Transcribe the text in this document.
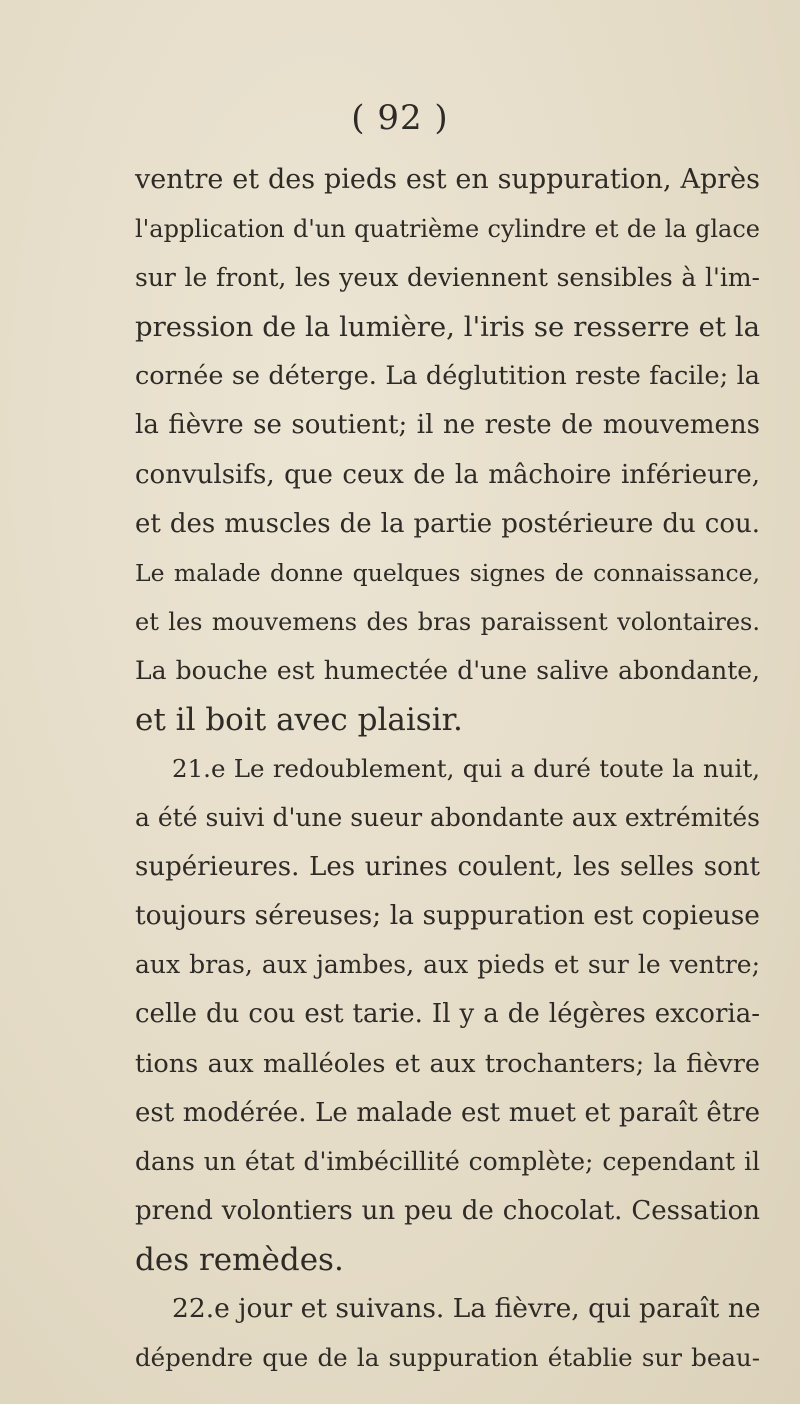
( 92 )
ventre et des pieds est en suppuration, Après
l'application d'un quatrième cylindre et de la glace
sur le front, les yeux deviennent sensibles à l'im-
pression de la lumière, l'iris se resserre et la
cornée se déterge. La déglutition reste facile; la
la fièvre se soutient; il ne reste de mouvemens
convulsifs, que ceux de la mâchoire inférieure,
et des muscles de la partie postérieure du cou.
Le malade donne quelques signes de connaissance,
et les mouvemens des bras paraissent volontaires.
La bouche est humectée d'une salive abondante,
et il boit avec plaisir.
21.e Le redoublement, qui a duré toute la nuit,
a été suivi d'une sueur abondante aux extrémités
supérieures. Les urines coulent, les selles sont
toujours séreuses; la suppuration est copieuse
aux bras, aux jambes, aux pieds et sur le ventre;
celle du cou est tarie. Il y a de légères excoria-
tions aux malléoles et aux trochanters; la fièvre
est modérée. Le malade est muet et paraît être
dans un état d'imbécillité complète; cependant il
prend volontiers un peu de chocolat. Cessation
des remèdes.
22.e jour et suivans. La fièvre, qui paraît ne
dépendre que de la suppuration établie sur beau-
